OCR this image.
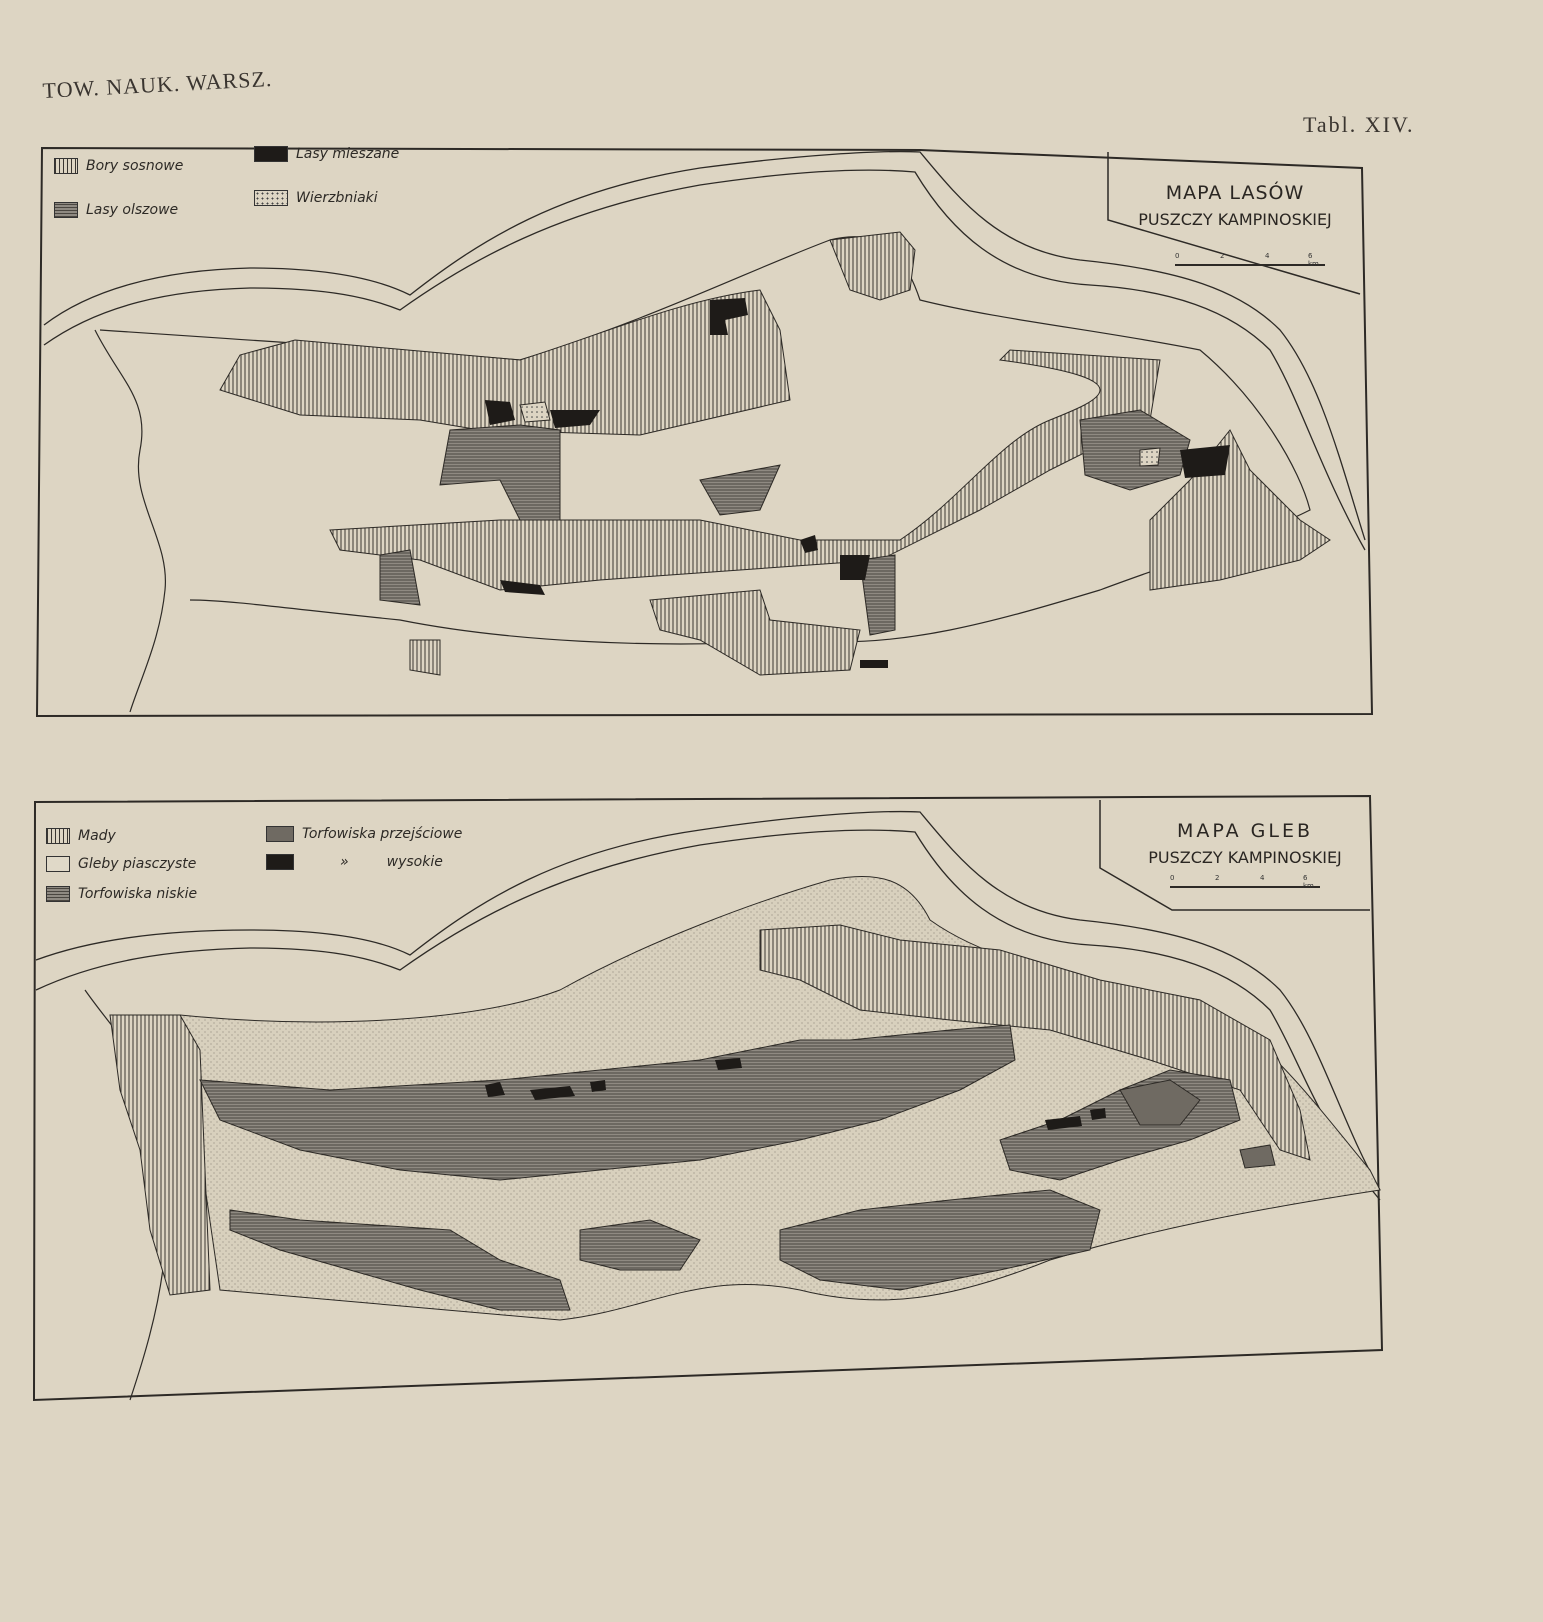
TOW. NAUK. WARSZ.
Tabl. XIV.
Bory sosnowe
Lasy olszowe
Lasy mieszane
Wierzbniaki	MAPA LASÓW
PUSZCZY KAMPINOSKIEJ
0	2	4	6 km
Mady
Gleby piasczyste
Torfowiska niskie
Torfowiska przejściowe
»	wysokie
MAPA GLEB
PUSZCZY KAMPINOSKIEJ
0	2	4	6 km
